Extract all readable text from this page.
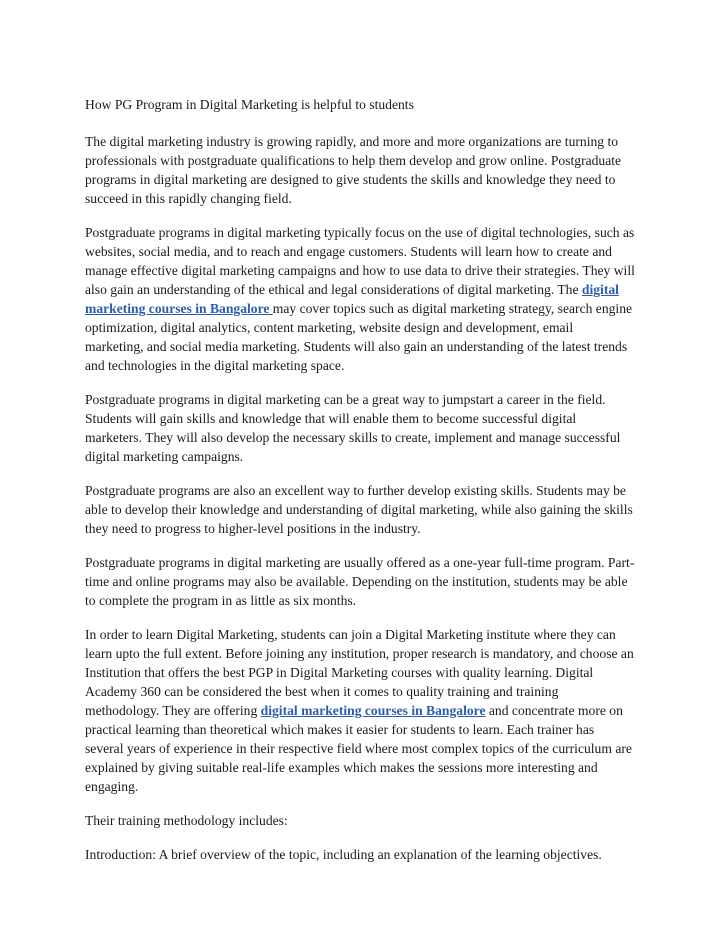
How PG Program in Digital Marketing is helpful to students

The digital marketing industry is growing rapidly, and more and more organizations are turning to professionals with postgraduate qualifications to help them develop and grow online. Postgraduate programs in digital marketing are designed to give students the skills and knowledge they need to succeed in this rapidly changing field.

Postgraduate programs in digital marketing typically focus on the use of digital technologies, such as websites, social media, and to reach and engage customers. Students will learn how to create and manage effective digital marketing campaigns and how to use data to drive their strategies. They will also gain an understanding of the ethical and legal considerations of digital marketing. The digital marketing courses in Bangalore may cover topics such as digital marketing strategy, search engine optimization, digital analytics, content marketing, website design and development, email marketing, and social media marketing. Students will also gain an understanding of the latest trends and technologies in the digital marketing space.

Postgraduate programs in digital marketing can be a great way to jumpstart a career in the field. Students will gain skills and knowledge that will enable them to become successful digital marketers. They will also develop the necessary skills to create, implement and manage successful digital marketing campaigns.

Postgraduate programs are also an excellent way to further develop existing skills. Students may be able to develop their knowledge and understanding of digital marketing, while also gaining the skills they need to progress to higher-level positions in the industry.

Postgraduate programs in digital marketing are usually offered as a one-year full-time program. Part-time and online programs may also be available. Depending on the institution, students may be able to complete the program in as little as six months.

In order to learn Digital Marketing, students can join a Digital Marketing institute where they can learn upto the full extent. Before joining any institution, proper research is mandatory, and choose an Institution that offers the best PGP in Digital Marketing courses with quality learning. Digital Academy 360 can be considered the best when it comes to quality training and training methodology. They are offering digital marketing courses in Bangalore and concentrate more on practical learning than theoretical which makes it easier for students to learn. Each trainer has several years of experience in their respective field where most complex topics of the curriculum are explained by giving suitable real-life examples which makes the sessions more interesting and engaging.

Their training methodology includes:

Introduction: A brief overview of the topic, including an explanation of the learning objectives.
